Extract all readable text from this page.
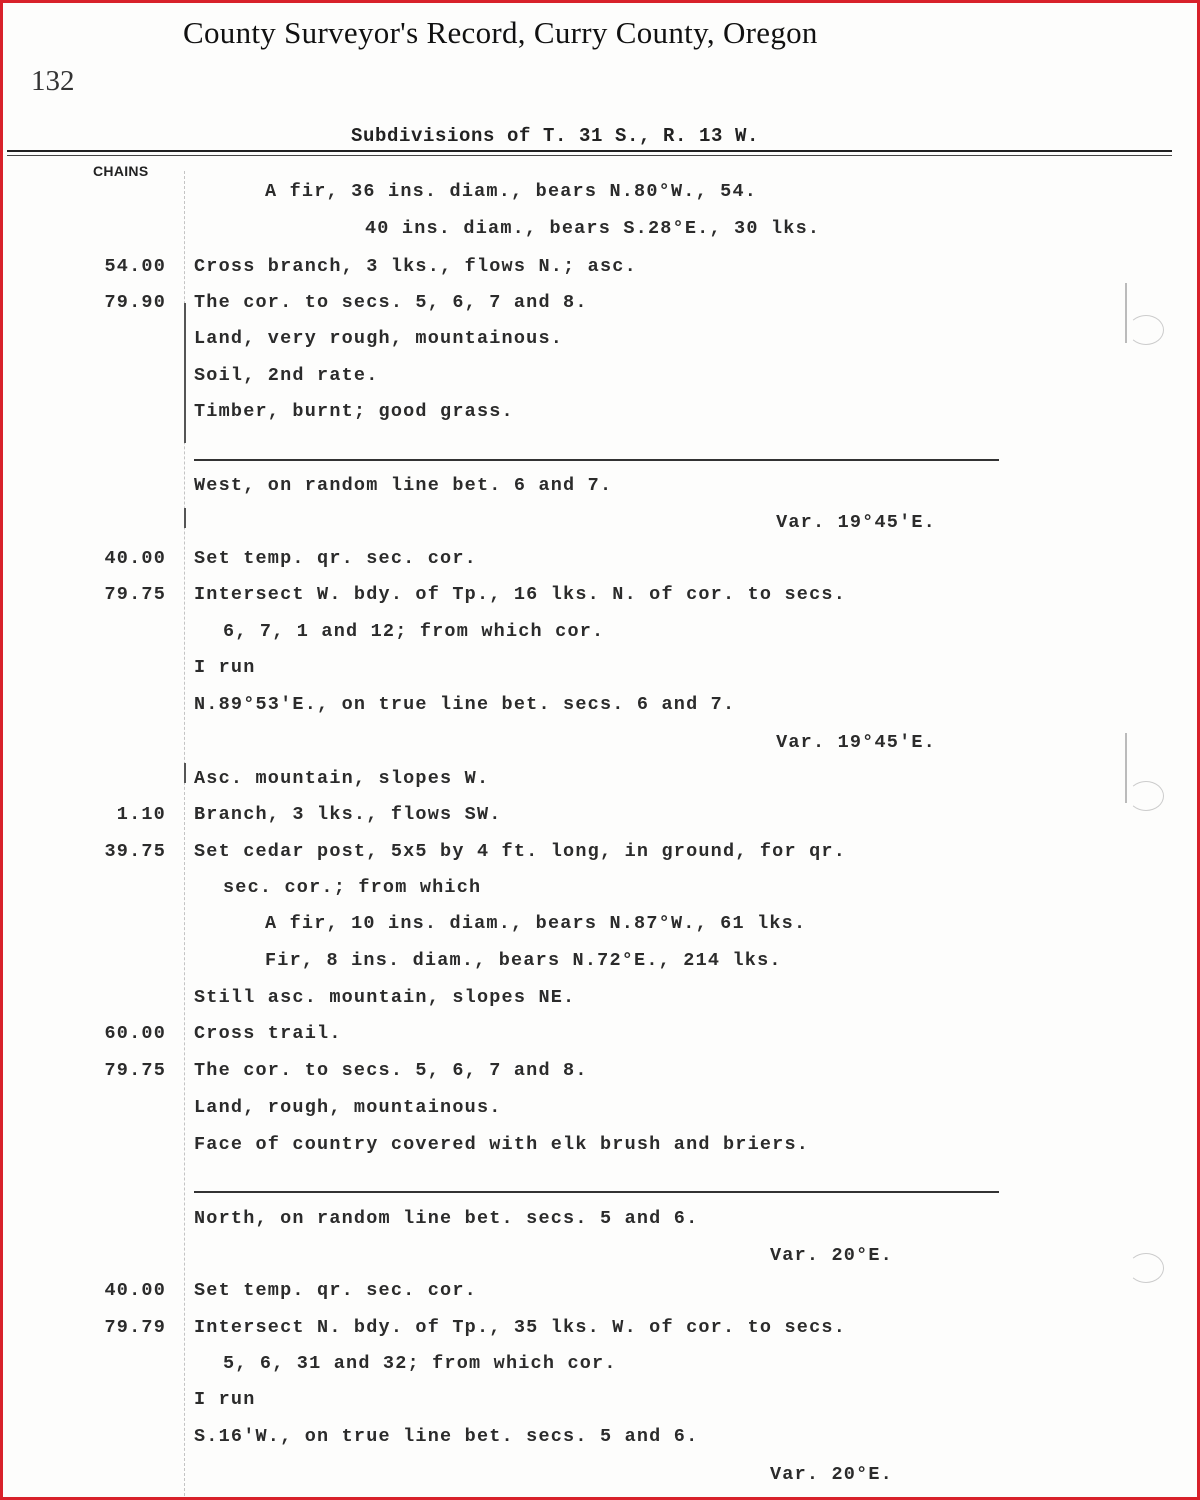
County Surveyor's Record, Curry County, Oregon
132
Subdivisions of T. 31 S., R. 13 W.
CHAINS
A fir, 36 ins. diam., bears N.80°W., 54.
40 ins. diam., bears S.28°E., 30 lks.
54.00 Cross branch, 3 lks., flows N.; asc.
79.90 The cor. to secs. 5, 6, 7 and 8.
Land, very rough, mountainous.
Soil, 2nd rate.
Timber, burnt; good grass.
West, on random line bet. 6 and 7.
Var. 19°45'E.
40.00 Set temp. qr. sec. cor.
79.75 Intersect W. bdy. of Tp., 16 lks. N. of cor. to secs.
6, 7, 1 and 12; from which cor.
I run
N.89°53'E., on true line bet. secs. 6 and 7.
Var. 19°45'E.
Asc. mountain, slopes W.
1.10 Branch, 3 lks., flows SW.
39.75 Set cedar post, 5x5 by 4 ft. long, in ground, for qr.
sec. cor.; from which
A fir, 10 ins. diam., bears N.87°W., 61 lks.
Fir, 8 ins. diam., bears N.72°E., 214 lks.
Still asc. mountain, slopes NE.
60.00 Cross trail.
79.75 The cor. to secs. 5, 6, 7 and 8.
Land, rough, mountainous.
Face of country covered with elk brush and briers.
North, on random line bet. secs. 5 and 6.
Var. 20°E.
40.00 Set temp. qr. sec. cor.
79.79 Intersect N. bdy. of Tp., 35 lks. W. of cor. to secs.
5, 6, 31 and 32; from which cor.
I run
S.16'W., on true line bet. secs. 5 and 6.
Var. 20°E.
